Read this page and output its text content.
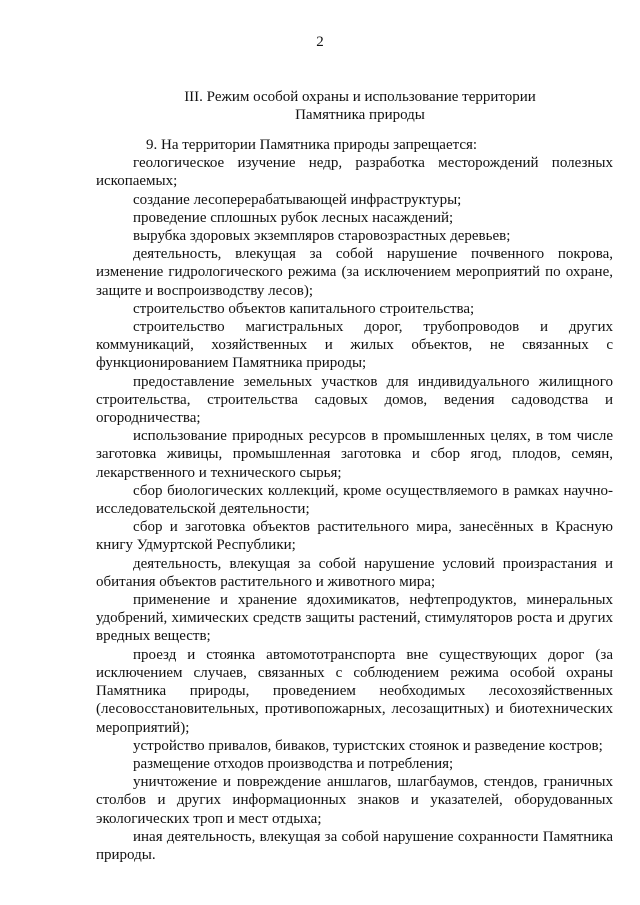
2
III. Режим особой охраны и использование территории
Памятника природы

9. На территории Памятника природы запрещается:

геологическое изучение недр, разработка месторождений полезных ископаемых;

создание лесоперерабатывающей инфраструктуры;

проведение сплошных рубок лесных насаждений;

вырубка здоровых экземпляров старовозрастных деревьев;

деятельность, влекущая за собой нарушение почвенного покрова, изменение гидрологического режима (за исключением мероприятий по охране, защите и воспроизводству лесов);

строительство объектов капитального строительства;

строительство магистральных дорог, трубопроводов и других коммуникаций, хозяйственных и жилых объектов, не связанных с функционированием Памятника природы;

предоставление земельных участков для индивидуального жилищного строительства, строительства садовых домов, ведения садоводства и огородничества;

использование природных ресурсов в промышленных целях, в том числе заготовка живицы, промышленная заготовка и сбор ягод, плодов, семян, лекарственного и технического сырья;

сбор биологических коллекций, кроме осуществляемого в рамках научно-исследовательской деятельности;

сбор и заготовка объектов растительного мира, занесённых в Красную книгу Удмуртской Республики;

деятельность, влекущая за собой нарушение условий произрастания и обитания объектов растительного и животного мира;

применение и хранение ядохимикатов, нефтепродуктов, минеральных удобрений, химических средств защиты растений, стимуляторов роста и других вредных веществ;

проезд и стоянка автомототранспорта вне существующих дорог (за исключением случаев, связанных с соблюдением режима особой охраны Памятника природы, проведением необходимых лесохозяйственных (лесовосстановительных, противопожарных, лесозащитных) и биотехнических мероприятий);

устройство привалов, биваков, туристских стоянок и разведение костров;

размещение отходов производства и потребления;

уничтожение и повреждение аншлагов, шлагбаумов, стендов, граничных столбов и других информационных знаков и указателей, оборудованных экологических троп и мест отдыха;

иная деятельность, влекущая за собой нарушение сохранности Памятника природы.
